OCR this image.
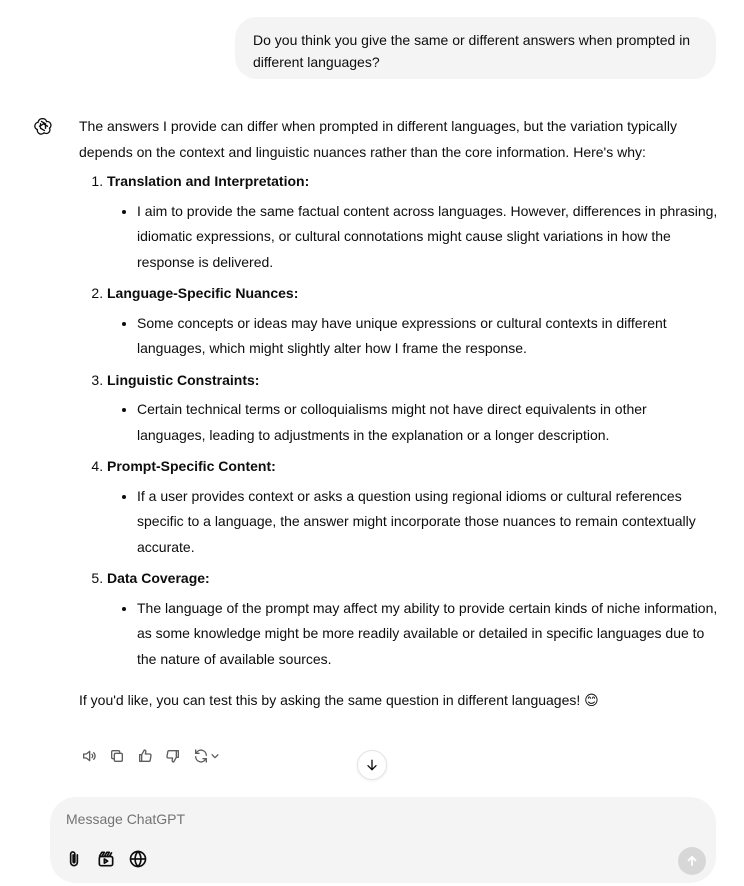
Do you think you give the same or different answers when prompted in different languages?

The answers I provide can differ when prompted in different languages, but the variation typically depends on the context and linguistic nuances rather than the core information. Here's why:

1. Translation and Interpretation:
• I aim to provide the same factual content across languages. However, differences in phrasing, idiomatic expressions, or cultural connotations might cause slight variations in how the response is delivered.
2. Language-Specific Nuances:
• Some concepts or ideas may have unique expressions or cultural contexts in different languages, which might slightly alter how I frame the response.
3. Linguistic Constraints:
• Certain technical terms or colloquialisms might not have direct equivalents in other languages, leading to adjustments in the explanation or a longer description.
4. Prompt-Specific Content:
• If a user provides context or asks a question using regional idioms or cultural references specific to a language, the answer might incorporate those nuances to remain contextually accurate.
5. Data Coverage:
• The language of the prompt may affect my ability to provide certain kinds of niche information, as some knowledge might be more readily available or detailed in specific languages due to the nature of available sources.

If you'd like, you can test this by asking the same question in different languages! 😊

Message ChatGPT
